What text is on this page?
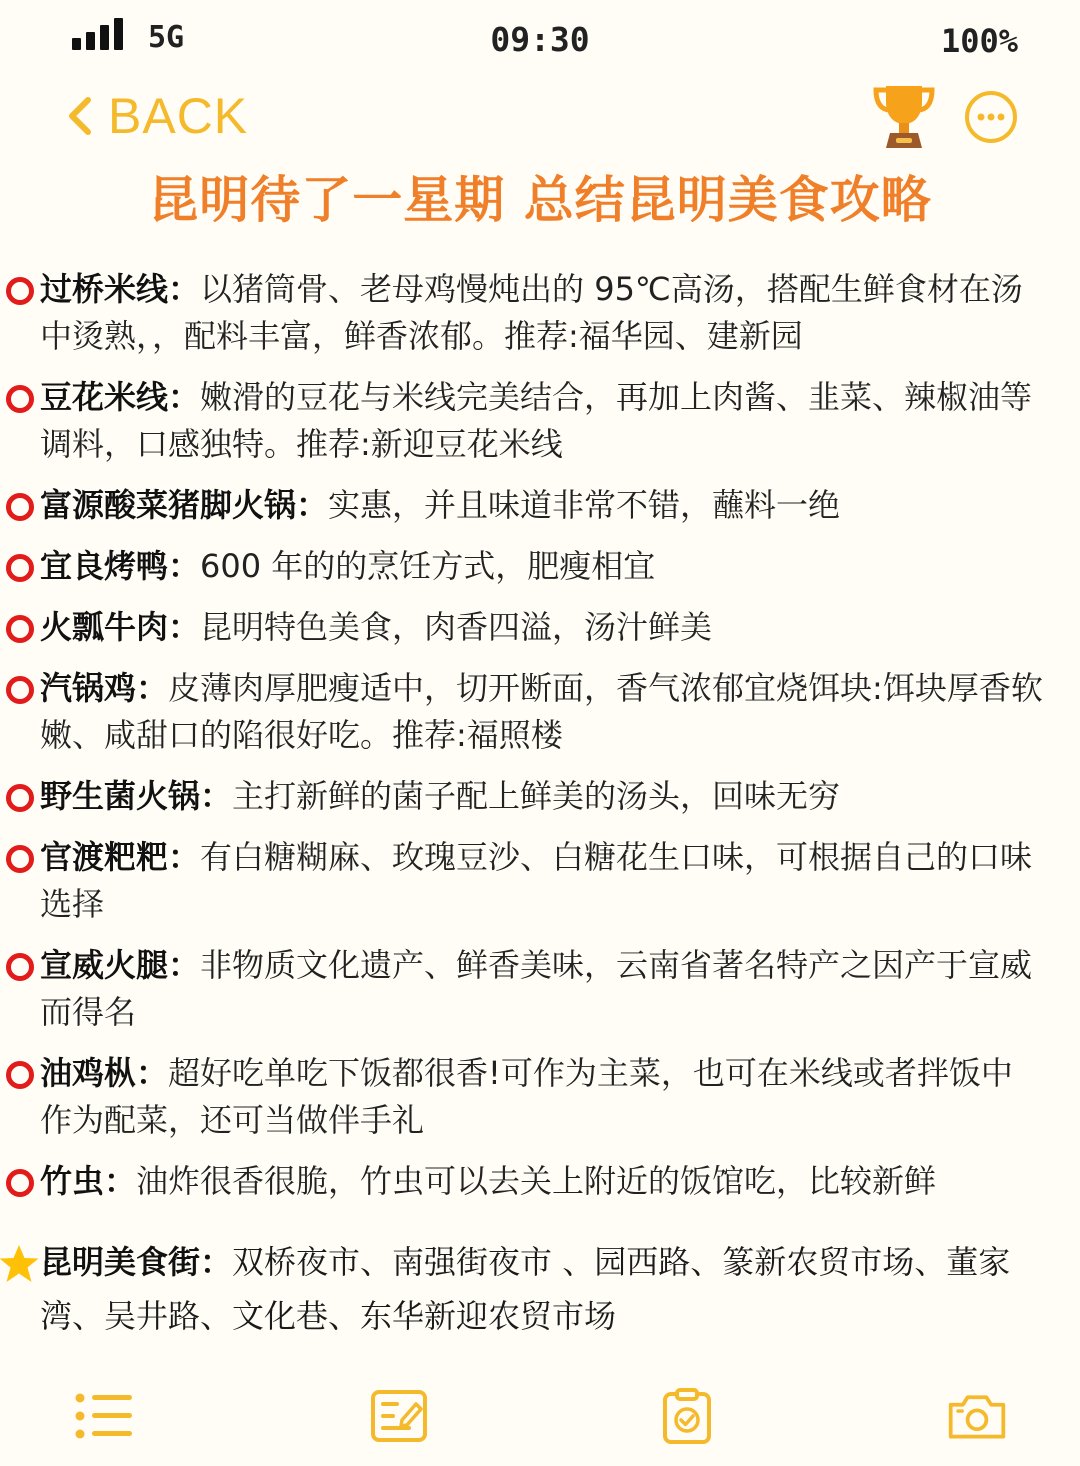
5G	09:30	100%
BACK
昆明待了一星期 总结昆明美食攻略
过桥米线：以猪筒骨、老母鸡慢炖出的 95℃高汤，搭配生鲜食材在汤中烫熟，，配料丰富，鲜香浓郁。推荐:福华园、建新园
豆花米线：嫩滑的豆花与米线完美结合，再加上肉酱、韭菜、辣椒油等调料，口感独特。推荐:新迎豆花米线
富源酸菜猪脚火锅：实惠，并且味道非常不错，蘸料一绝
宜良烤鸭：600 年的的烹饪方式，肥瘦相宜
火瓢牛肉：昆明特色美食，肉香四溢，汤汁鲜美
汽锅鸡：皮薄肉厚肥瘦适中，切开断面，香气浓郁宜烧饵块:饵块厚香软嫩、咸甜口的陷很好吃。推荐:福照楼
野生菌火锅：主打新鲜的菌子配上鲜美的汤头，回味无穷
官渡粑粑：有白糖糊麻、玫瑰豆沙、白糖花生口味，可根据自己的口味选择
宣威火腿：非物质文化遗产、鲜香美味，云南省著名特产之因产于宣威而得名
油鸡枞：超好吃单吃下饭都很香!可作为主菜，也可在米线或者拌饭中作为配菜，还可当做伴手礼
竹虫：油炸很香很脆，竹虫可以去关上附近的饭馆吃，比较新鲜
昆明美食街：双桥夜市、南强街夜市 、园西路、篆新农贸市场、董家湾、吴井路、文化巷、东华新迎农贸市场
